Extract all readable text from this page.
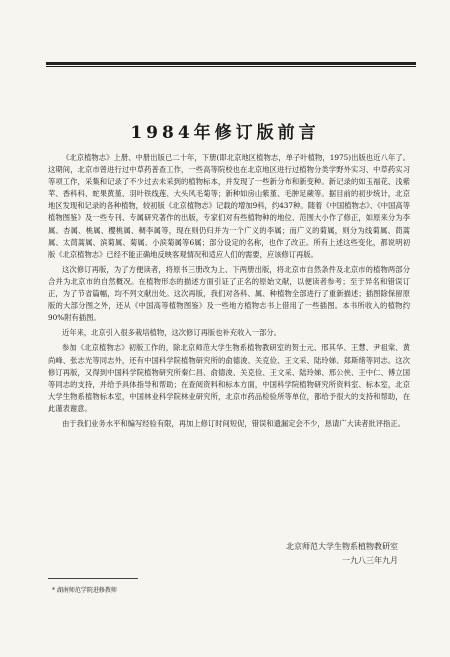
1984年修订版前言

《北京植物志》上册、中册出版已二十年，下册(即北京地区植物志，单子叶植物，1975)出版也近八年了。这期间，北京市曾进行过中草药普查工作，一些高等院校也在北京地区进行过植物分类学野外实习、中草药实习等项工作，采集和记录了不少过去未采到的植物标本，并发现了一些新分布和新变种。新记录的如玉福花、浅紫苹、香科科、蛇果黄堇、羽叶铁线莲、大头风毛菊等；新种如房山紫堇、毛肿足蕨等。据目前的初步统计，北京地区发现和记录的各种植物，较初版《北京植物志》记载的增加9科，约437种。随着《中国植物志》、《中国高等植物图鉴》及一些专刊、专属研究著作的出版，专家们对有些植物种的地位、范围大小作了修正，如原来分为李属、杏属、桃属、樱桃属、稠李属等，现在则仍归并为一个广义的李属；而广义的菊属，则分为线菊属、茼蒿属、太茼蒿属、滨菊属、菊属、小滨菊属等6属；部分设定的名称，也作了改正。所有上述这些变化，都说明初版《北京植物志》已经不能正确地反映客观情况和适应人们的需要，应该修订再版。

这次修订再版，为了方便读者，将原书三册改为上、下两册出版，将北京市自然条件及北京市的植物两部分合并为北京市的自然概况。在植物形态的描述方面引证了正名的原始文献，以便读者参考；至于异名和错误订正，为了节省篇幅，均不列文献出处。这次再版，我们对各科、属、种植物全部进行了重新描述；插图除保留原版的大部分图之外，还从《中国高等植物图鉴》及一些地方植物志书上借用了一些插图。本书所收入的植物约90%附有插图。

近年来，北京引入很多栽培植物，这次修订再版也补充收入一部分。

参加《北京植物志》初版工作的，除北京师范大学生物系植物教研室的贺士元、邢其华、王慧、尹祖棠、黄尚峰、张志光等同志外，还有中国科学院植物研究所的俞德浚、关克俭、王文采、陆玲娣、郑斯绪等同志。这次修订再版，又得到中国科学院植物研究所秦仁昌、俞德浚、关克俭、王文采、陆玲娣、邢公侠、王中仁、傅立国等同志的支持，并给予具体指导和帮助；在查阅资料和标本方面，中国科学院植物研究所资料室、标本室，北京大学生物系植物标本室，中国林业科学院林业研究所，北京市药品检验所等单位，都给予很大的支持和帮助，在此谨表谢意。

由于我们业务水平和编写经验有限，再加上修订时间短促，错误和遗漏定会不少，恳请广大读者批评指正。

北京师范大学生物系植物教研室
一九八三年九月
* 湖南师范学院进修教师
